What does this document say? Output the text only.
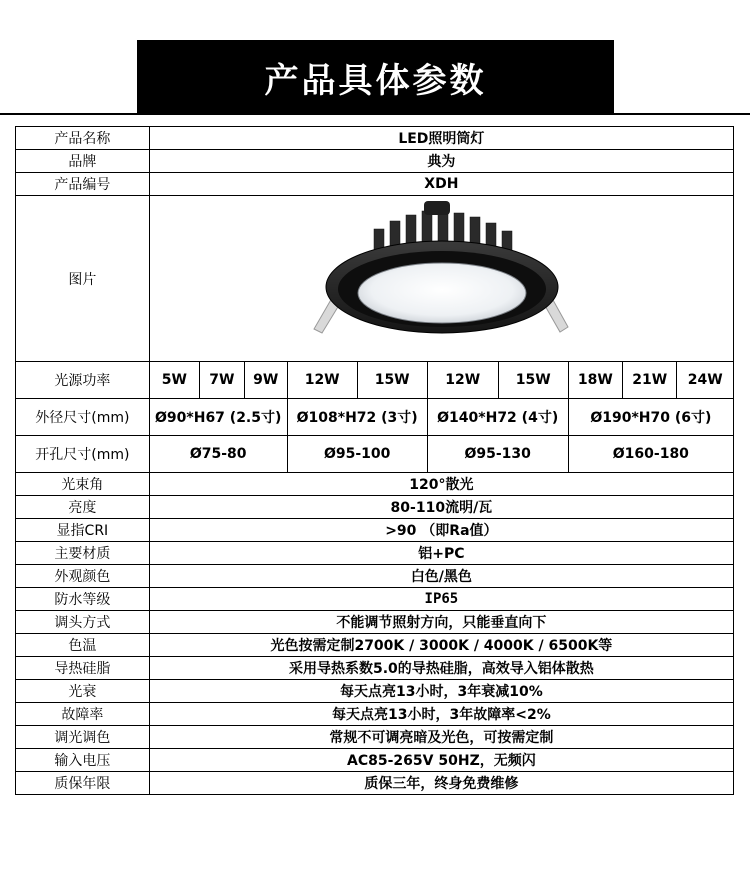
产品具体参数
产品名称	LED照明筒灯									
品牌	典为									
产品编号	XDH									
图片	

光源功率	5W	7W	9W	12W	15W	12W	15W	18W	21W	24W
外径尺寸(mm)	Ø90*H67 (2.5寸)			Ø108*H72 (3寸)		Ø140*H72 (4寸)		Ø190*H70 (6寸)		
开孔尺寸(mm)	Ø75-80			Ø95-100		Ø95-130		Ø160-180		
光束角	120°散光									
亮度	80-110流明/瓦									
显指CRI	>90 （即Ra值）									
主要材质	铝+PC									
外观颜色	白色/黑色									
防水等级	IP65									
调头方式	不能调节照射方向，只能垂直向下									
色温	光色按需定制2700K / 3000K / 4000K / 6500K等									
导热硅脂	采用导热系数5.0的导热硅脂，高效导入铝体散热									
光衰	每天点亮13小时，3年衰减10%									
故障率	每天点亮13小时，3年故障率<2%									
调光调色	常规不可调亮暗及光色，可按需定制									
输入电压	AC85-265V 50HZ，无频闪									
质保年限	质保三年，终身免费维修									
